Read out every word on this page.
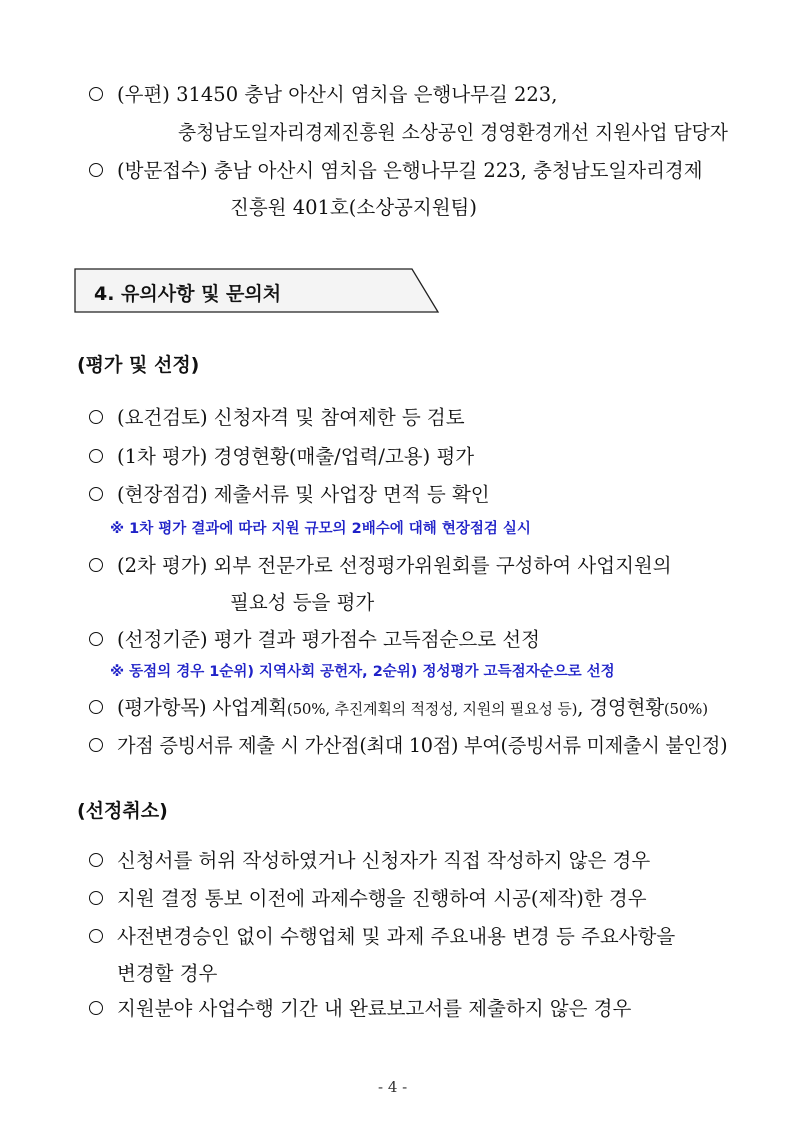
(우편) 31450 충남 아산시 염치읍 은행나무길 223,
충청남도일자리경제진흥원 소상공인 경영환경개선 지원사업 담당자
(방문접수) 충남 아산시 염치읍 은행나무길 223, 충청남도일자리경제
진흥원 401호(소상공지원팀)
4. 유의사항 및 문의처
(평가 및 선정)
(요건검토) 신청자격 및 참여제한 등 검토
(1차 평가) 경영현황(매출/업력/고용) 평가
(현장점검) 제출서류 및 사업장 면적 등 확인
※ 1차 평가 결과에 따라 지원 규모의 2배수에 대해 현장점검 실시
(2차 평가) 외부 전문가로 선정평가위원회를 구성하여 사업지원의
필요성 등을 평가
(선정기준) 평가 결과 평가점수 고득점순으로 선정
※ 동점의 경우 1순위) 지역사회 공헌자, 2순위) 정성평가 고득점자순으로 선정
(평가항목) 사업계획(50%, 추진계획의 적정성, 지원의 필요성 등), 경영현황(50%)
가점 증빙서류 제출 시 가산점(최대 10점) 부여(증빙서류 미제출시 불인정)
(선정취소)
신청서를 허위 작성하였거나 신청자가 직접 작성하지 않은 경우
지원 결정 통보 이전에 과제수행을 진행하여 시공(제작)한 경우
사전변경승인 없이 수행업체 및 과제 주요내용 변경 등 주요사항을
변경할 경우
지원분야 사업수행 기간 내 완료보고서를 제출하지 않은 경우
- 4 -
